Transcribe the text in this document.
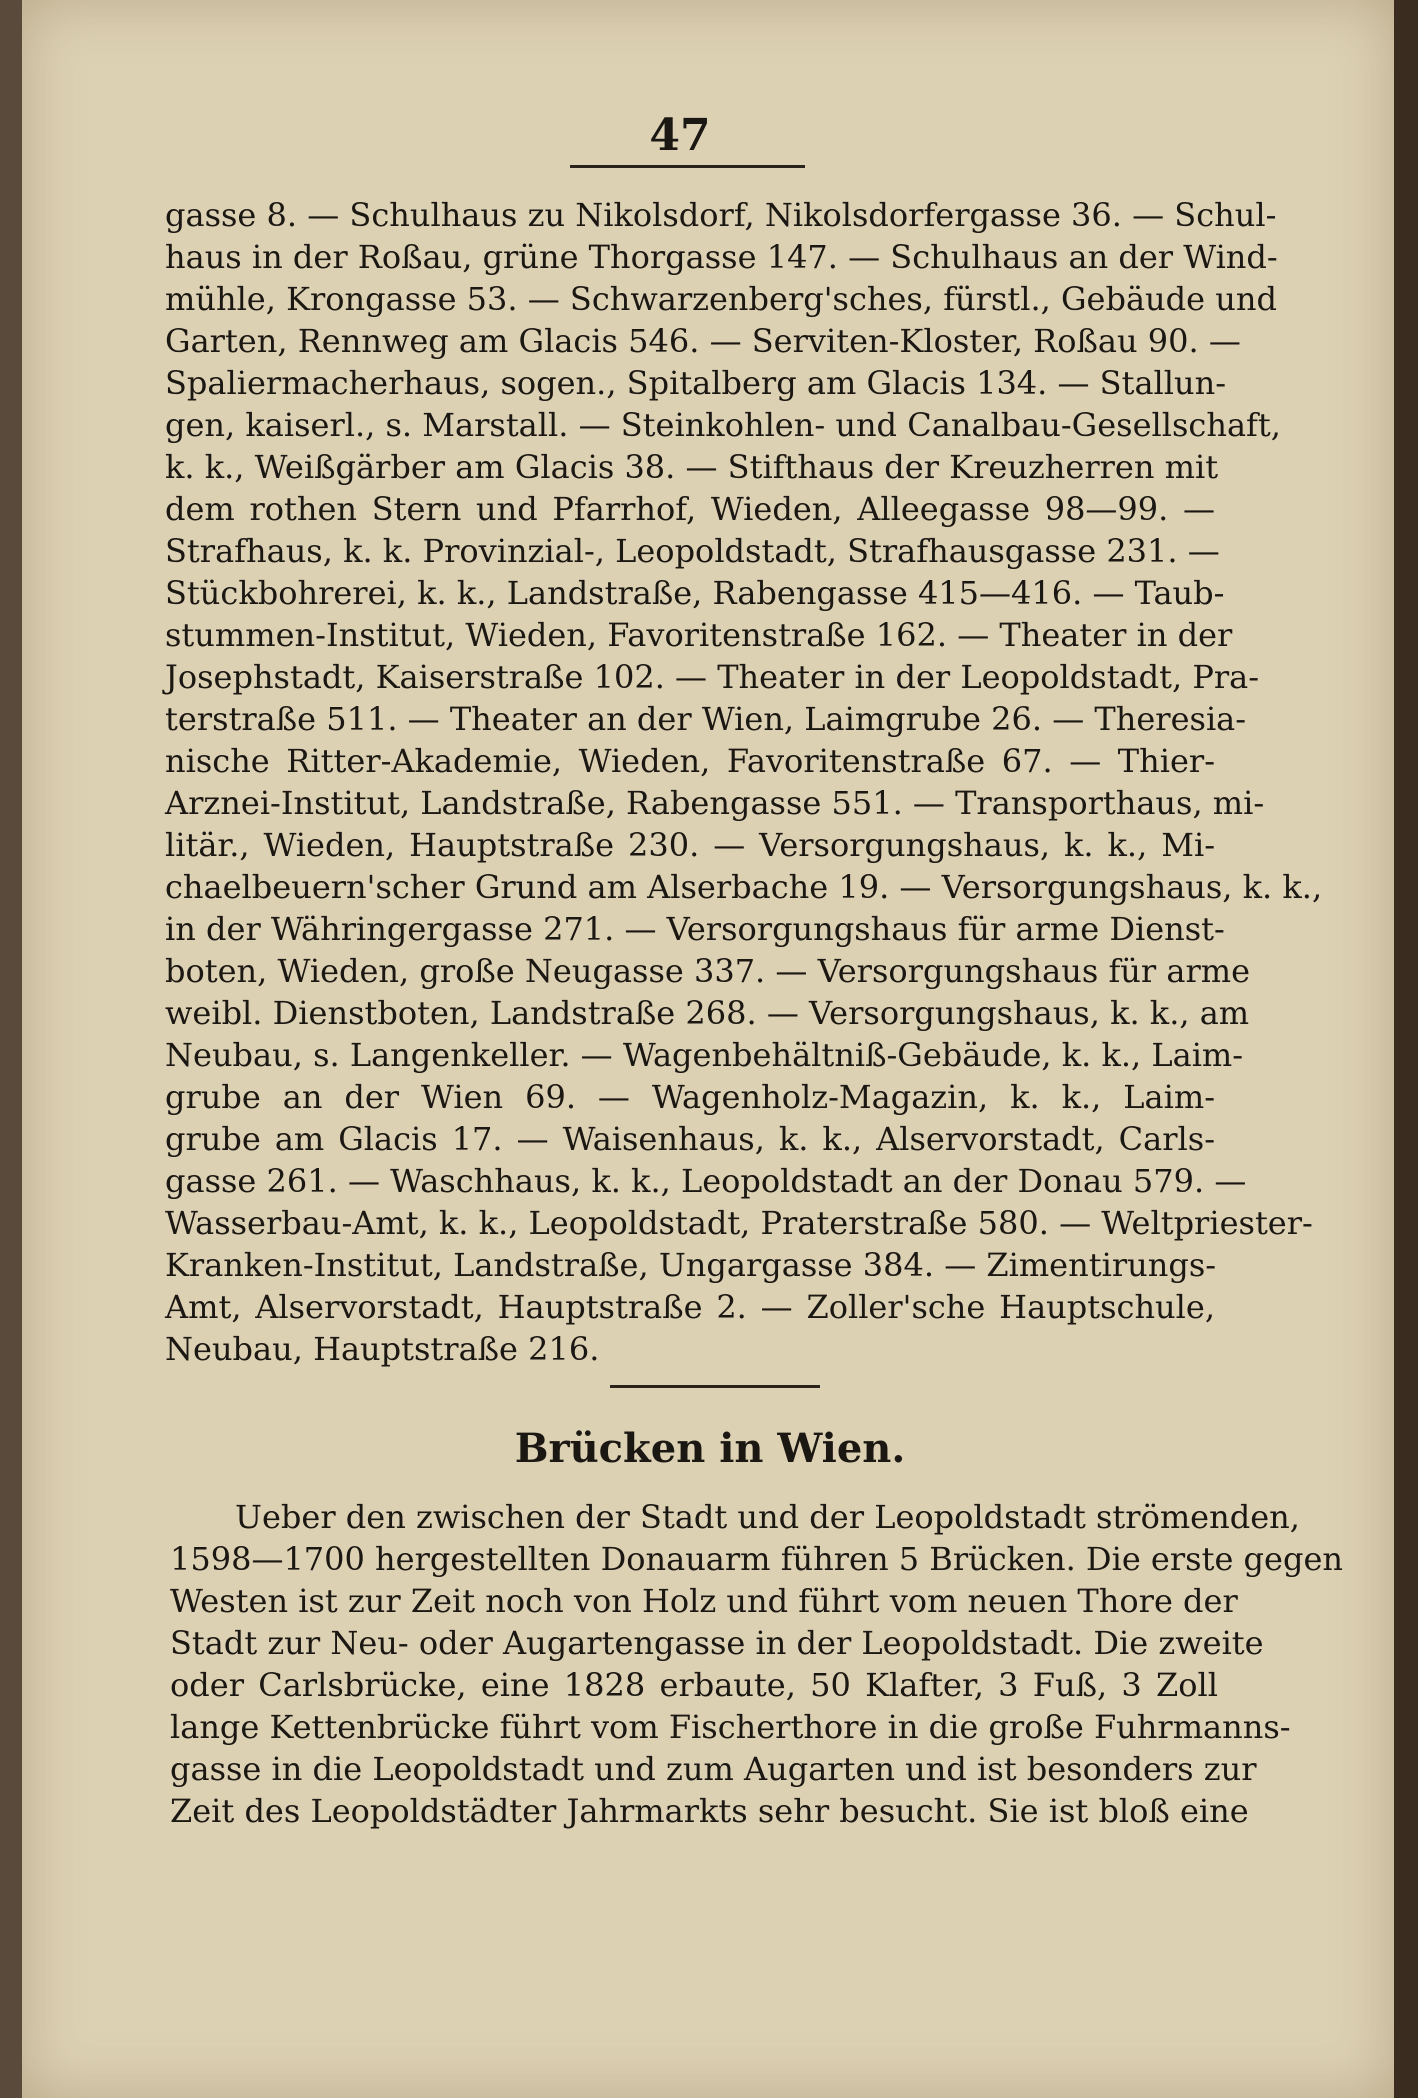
47
gasse 8. — Schulhaus zu Nikolsdorf, Nikolsdorfergasse 36. — Schul-
haus in der Roßau, grüne Thorgasse 147. — Schulhaus an der Wind-
mühle, Krongasse 53. — Schwarzenberg'sches, fürstl., Gebäude und
Garten, Rennweg am Glacis 546. — Serviten-Kloster, Roßau 90. —
Spaliermacherhaus, sogen., Spitalberg am Glacis 134. — Stallun-
gen, kaiserl., s. Marstall. — Steinkohlen- und Canalbau-Gesellschaft,
k. k., Weißgärber am Glacis 38. — Stifthaus der Kreuzherren mit
dem rothen Stern und Pfarrhof, Wieden, Alleegasse 98—99. —
Strafhaus, k. k. Provinzial-, Leopoldstadt, Strafhausgasse 231. —
Stückbohrerei, k. k., Landstraße, Rabengasse 415—416. — Taub-
stummen-Institut, Wieden, Favoritenstraße 162. — Theater in der
Josephstadt, Kaiserstraße 102. — Theater in der Leopoldstadt, Pra-
terstraße 511. — Theater an der Wien, Laimgrube 26. — Theresia-
nische Ritter-Akademie, Wieden, Favoritenstraße 67. — Thier-
Arznei-Institut, Landstraße, Rabengasse 551. — Transporthaus, mi-
litär., Wieden, Hauptstraße 230. — Versorgungshaus, k. k., Mi-
chaelbeuern'scher Grund am Alserbache 19. — Versorgungshaus, k. k.,
in der Währingergasse 271. — Versorgungshaus für arme Dienst-
boten, Wieden, große Neugasse 337. — Versorgungshaus für arme
weibl. Dienstboten, Landstraße 268. — Versorgungshaus, k. k., am
Neubau, s. Langenkeller. — Wagenbehältniß-Gebäude, k. k., Laim-
grube an der Wien 69. — Wagenholz-Magazin, k. k., Laim-
grube am Glacis 17. — Waisenhaus, k. k., Alservorstadt, Carls-
gasse 261. — Waschhaus, k. k., Leopoldstadt an der Donau 579. —
Wasserbau-Amt, k. k., Leopoldstadt, Praterstraße 580. — Weltpriester-
Kranken-Institut, Landstraße, Ungargasse 384. — Zimentirungs-
Amt, Alservorstadt, Hauptstraße 2. — Zoller'sche Hauptschule,
Neubau, Hauptstraße 216.
Brücken in Wien.
Ueber den zwischen der Stadt und der Leopoldstadt strömenden,
1598—1700 hergestellten Donauarm führen 5 Brücken. Die erste gegen
Westen ist zur Zeit noch von Holz und führt vom neuen Thore der
Stadt zur Neu- oder Augartengasse in der Leopoldstadt. Die zweite
oder Carlsbrücke, eine 1828 erbaute, 50 Klafter, 3 Fuß, 3 Zoll
lange Kettenbrücke führt vom Fischerthore in die große Fuhrmanns-
gasse in die Leopoldstadt und zum Augarten und ist besonders zur
Zeit des Leopoldstädter Jahrmarkts sehr besucht. Sie ist bloß eine
